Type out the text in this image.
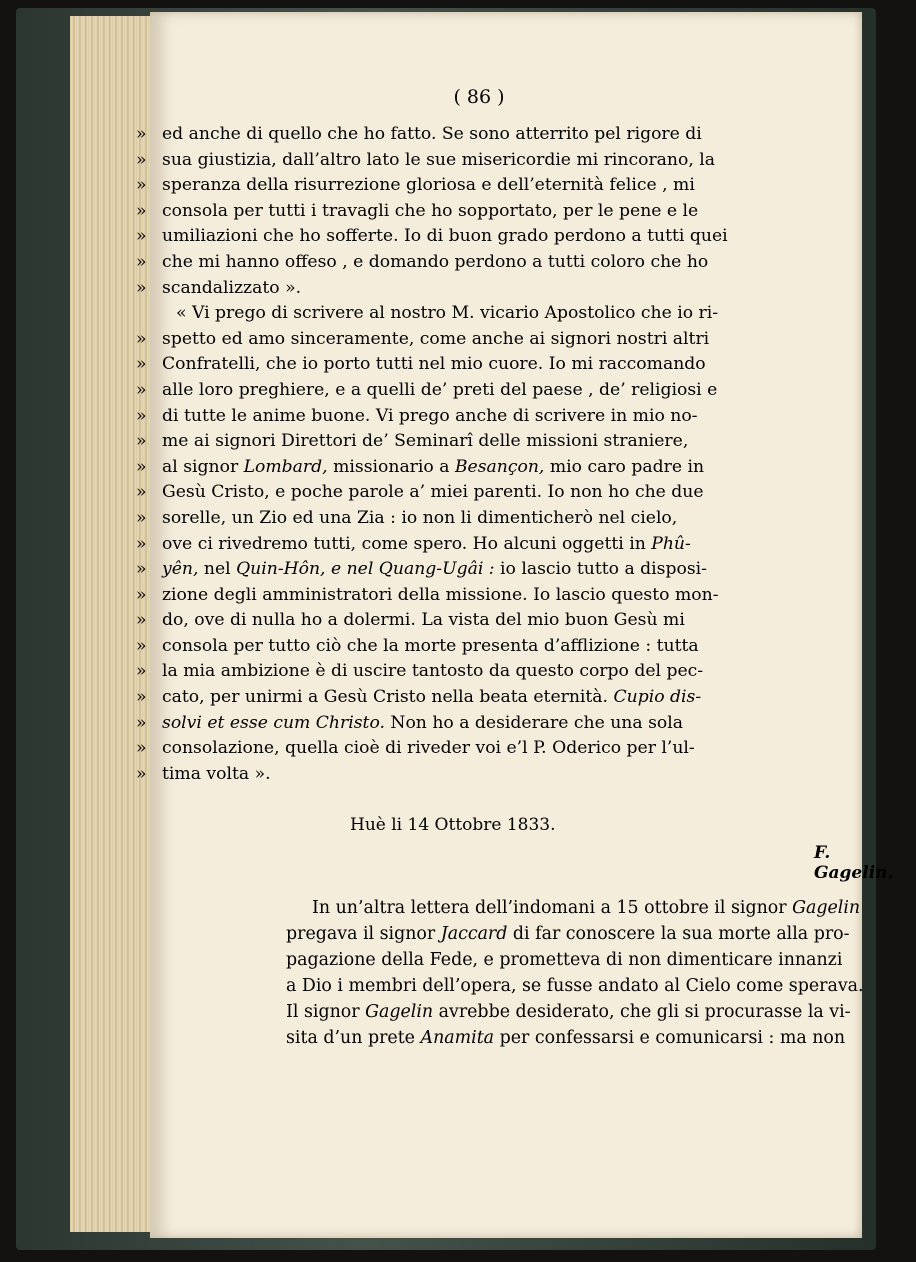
( 86 )
» ed anche di quello che ho fatto. Se sono atterrito pel rigore di
» sua giustizia, dall’altro lato le sue misericordie mi rincorano, la
» speranza della risurrezione gloriosa e dell’eternità felice , mi
» consola per tutti i travagli che ho sopportato, per le pene e le
» umiliazioni che ho sofferte. Io di buon grado perdono a tutti quei
» che mi hanno offeso , e domando perdono a tutti coloro che ho
» scandalizzato ».
« Vi prego di scrivere al nostro M. vicario Apostolico che io ri-
» spetto ed amo sinceramente, come anche ai signori nostri altri
» Confratelli, che io porto tutti nel mio cuore. Io mi raccomando
» alle loro preghiere, e a quelli de’ preti del paese , de’ religiosi e
» di tutte le anime buone. Vi prego anche di scrivere in mio no-
» me ai signori Direttori de’ Seminarî delle missioni straniere,
» al signor Lombard, missionario a Besançon, mio caro padre in
» Gesù Cristo, e poche parole a’ miei parenti. Io non ho che due
» sorelle, un Zio ed una Zia : io non li dimenticherò nel cielo,
» ove ci rivedremo tutti, come spero. Ho alcuni oggetti in Phû-
» yên, nel Quin-Hôn, e nel Quang-Ugâi : io lascio tutto a disposi-
» zione degli amministratori della missione. Io lascio questo mon-
» do, ove di nulla ho a dolermi. La vista del mio buon Gesù mi
» consola per tutto ciò che la morte presenta d’afflizione : tutta
» la mia ambizione è di uscire tantosto da questo corpo del pec-
» cato, per unirmi a Gesù Cristo nella beata eternità. Cupio dis-
» solvi et esse cum Christo. Non ho a desiderare che una sola
» consolazione, quella cioè di riveder voi e’l P. Oderico per l’ul-
» tima volta ».
Huè li 14 Ottobre 1833.
F. Gagelin.
In un’altra lettera dell’indomani a 15 ottobre il signor Gagelin
pregava il signor Jaccard di far conoscere la sua morte alla pro-
pagazione della Fede, e prometteva di non dimenticare innanzi
a Dio i membri dell’opera, se fusse andato al Cielo come sperava.
Il signor Gagelin avrebbe desiderato, che gli si procurasse la vi-
sita d’un prete Anamita per confessarsi e comunicarsi : ma non
